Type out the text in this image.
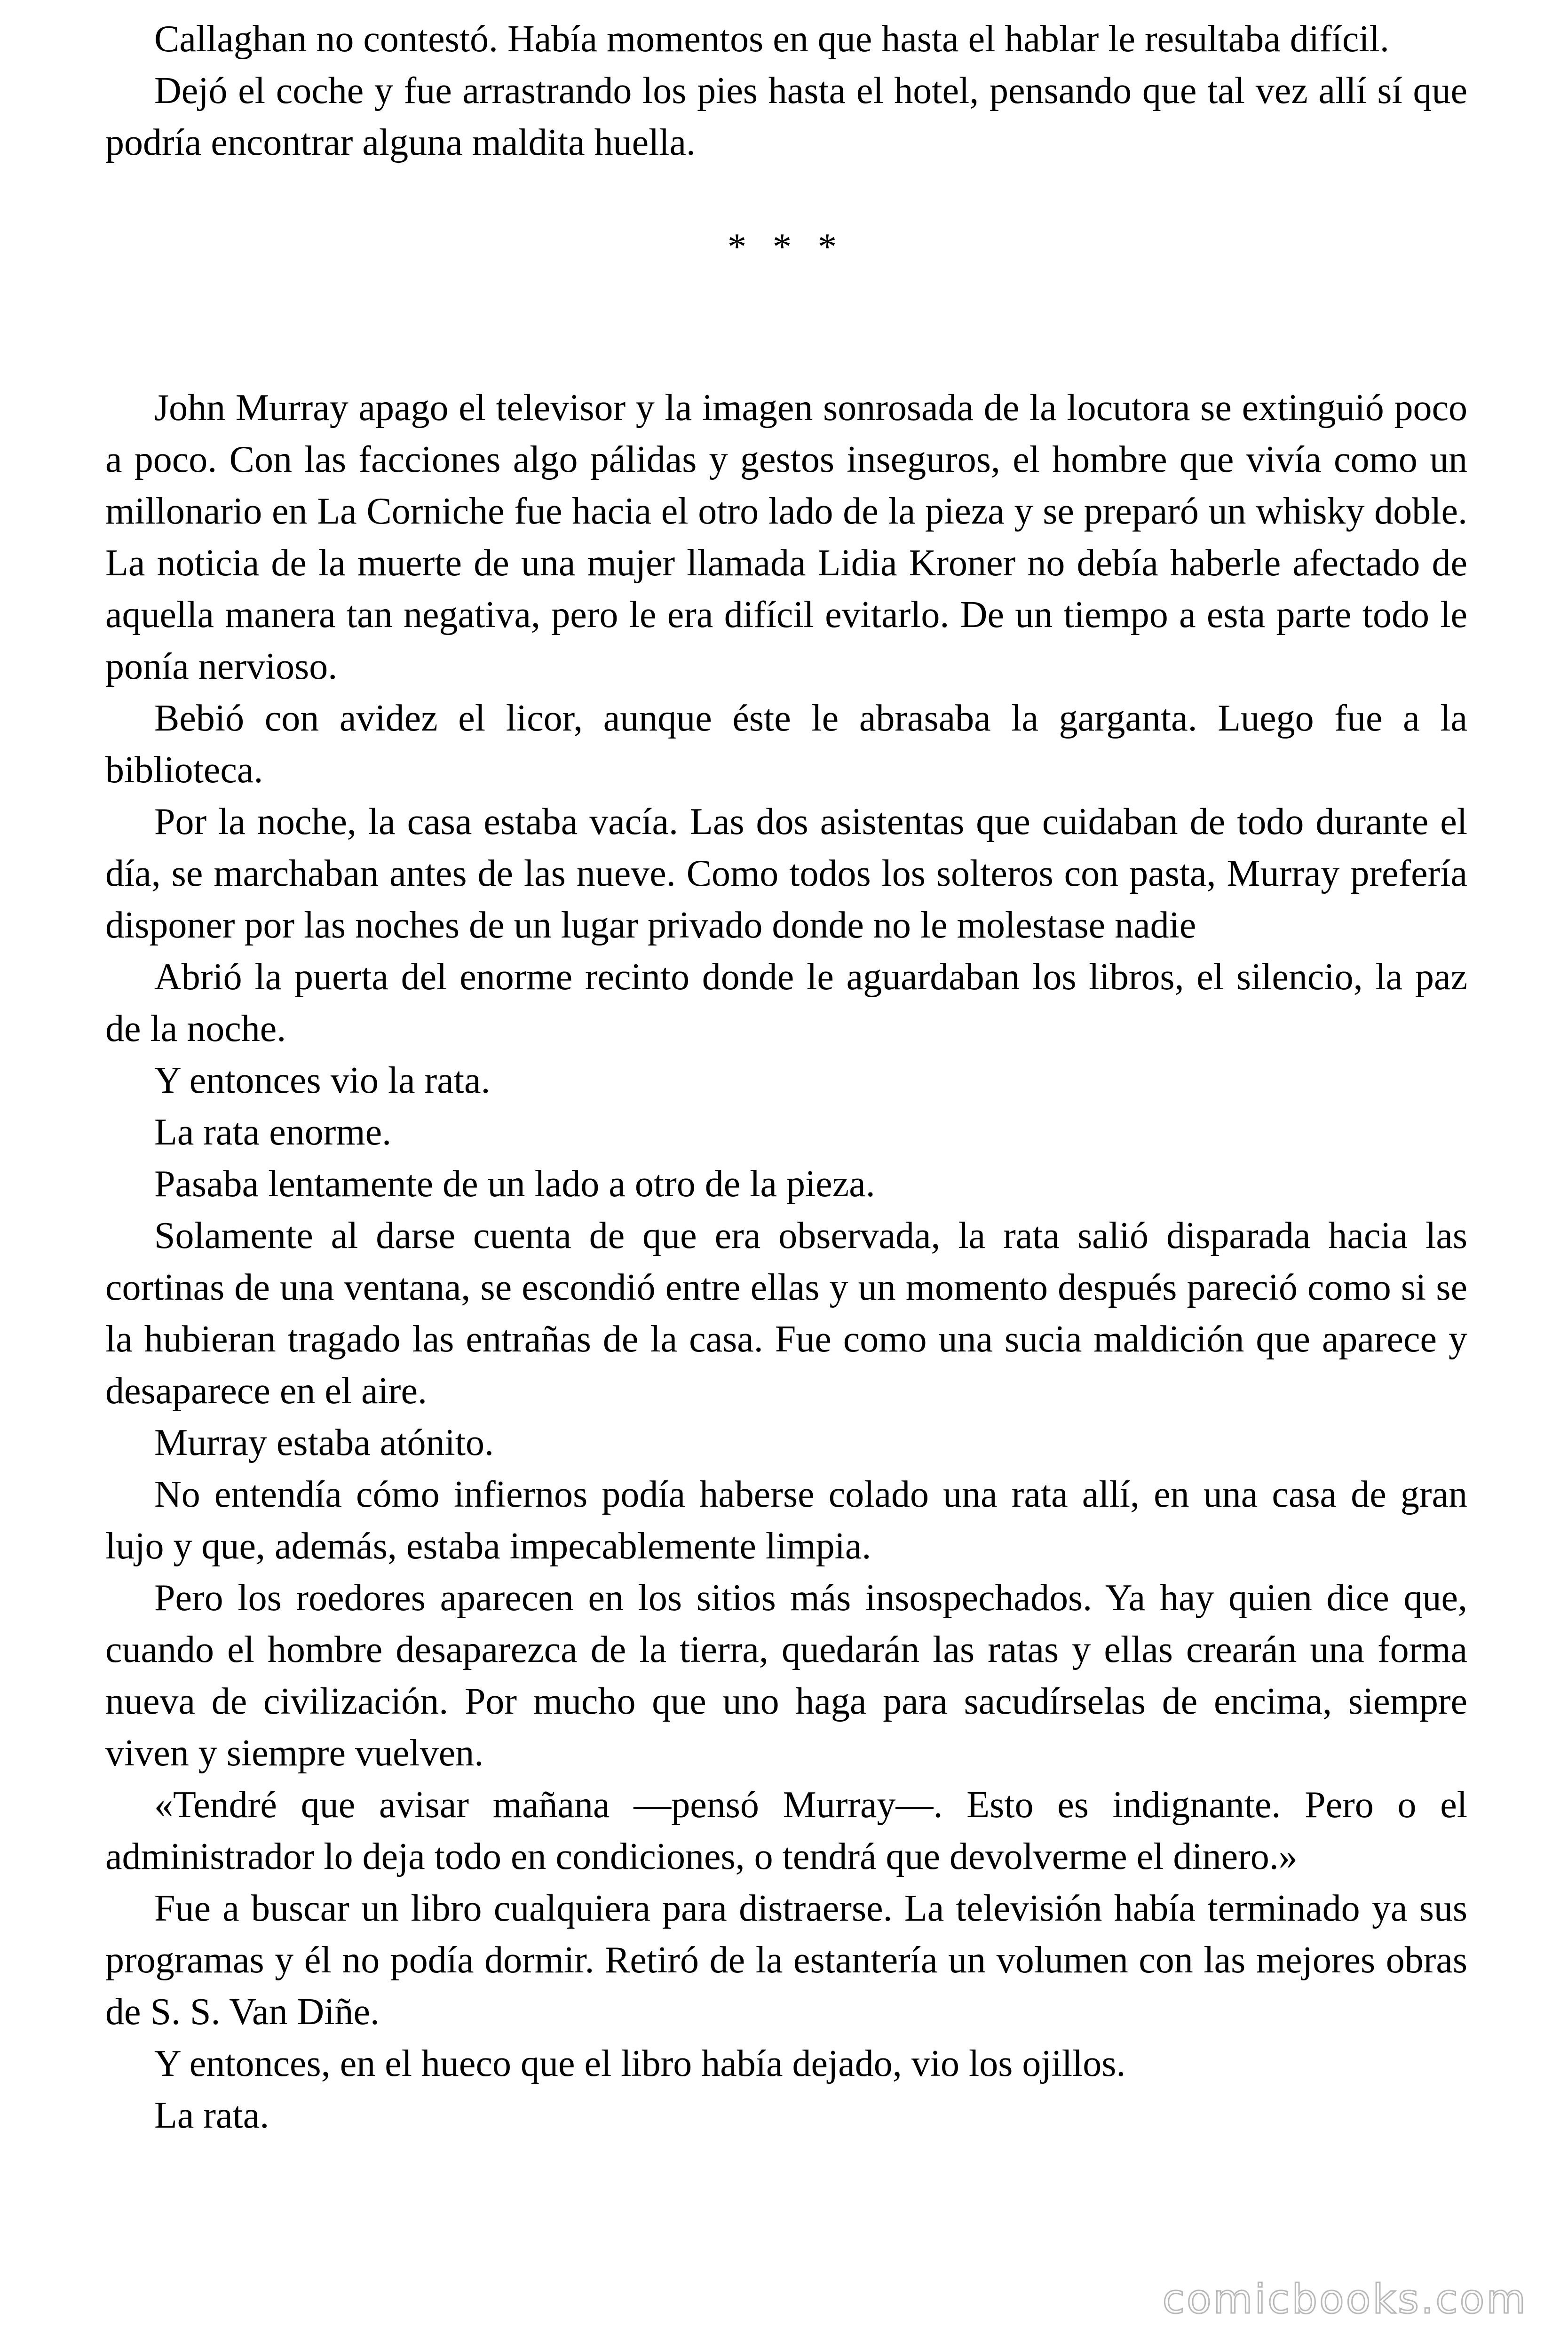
Callaghan no contestó. Había momentos en que hasta el hablar le resultaba difícil.

Dejó el coche y fue arrastrando los pies hasta el hotel, pensando que tal vez allí sí que podría encontrar alguna maldita huella.

* * *

John Murray apago el televisor y la imagen sonrosada de la locutora se extinguió poco a poco. Con las facciones algo pálidas y gestos inseguros, el hombre que vivía como un millonario en La Corniche fue hacia el otro lado de la pieza y se preparó un whisky doble. La noticia de la muerte de una mujer llamada Lidia Kroner no debía haberle afectado de aquella manera tan negativa, pero le era difícil evitarlo. De un tiempo a esta parte todo le ponía nervioso.

Bebió con avidez el licor, aunque éste le abrasaba la garganta. Luego fue a la biblioteca.

Por la noche, la casa estaba vacía. Las dos asistentas que cuidaban de todo durante el día, se marchaban antes de las nueve. Como todos los solteros con pasta, Murray prefería disponer por las noches de un lugar privado donde no le molestase nadie

Abrió la puerta del enorme recinto donde le aguardaban los libros, el silencio, la paz de la noche.

Y entonces vio la rata.

La rata enorme.

Pasaba lentamente de un lado a otro de la pieza.

Solamente al darse cuenta de que era observada, la rata salió disparada hacia las cortinas de una ventana, se escondió entre ellas y un momento después pareció como si se la hubieran tragado las entrañas de la casa. Fue como una sucia maldición que aparece y desaparece en el aire.

Murray estaba atónito.

No entendía cómo infiernos podía haberse colado una rata allí, en una casa de gran lujo y que, además, estaba impecablemente limpia.

Pero los roedores aparecen en los sitios más insospechados. Ya hay quien dice que, cuando el hombre desaparezca de la tierra, quedarán las ratas y ellas crearán una forma nueva de civilización. Por mucho que uno haga para sacudírselas de encima, siempre viven y siempre vuelven.

«Tendré que avisar mañana —pensó Murray—. Esto es indignante. Pero o el administrador lo deja todo en condiciones, o tendrá que devolverme el dinero.»

Fue a buscar un libro cualquiera para distraerse. La televisión había terminado ya sus programas y él no podía dormir. Retiró de la estantería un volumen con las mejores obras de S. S. Van Diñe.

Y entonces, en el hueco que el libro había dejado, vio los ojillos.

La rata.

comicbooks.com
